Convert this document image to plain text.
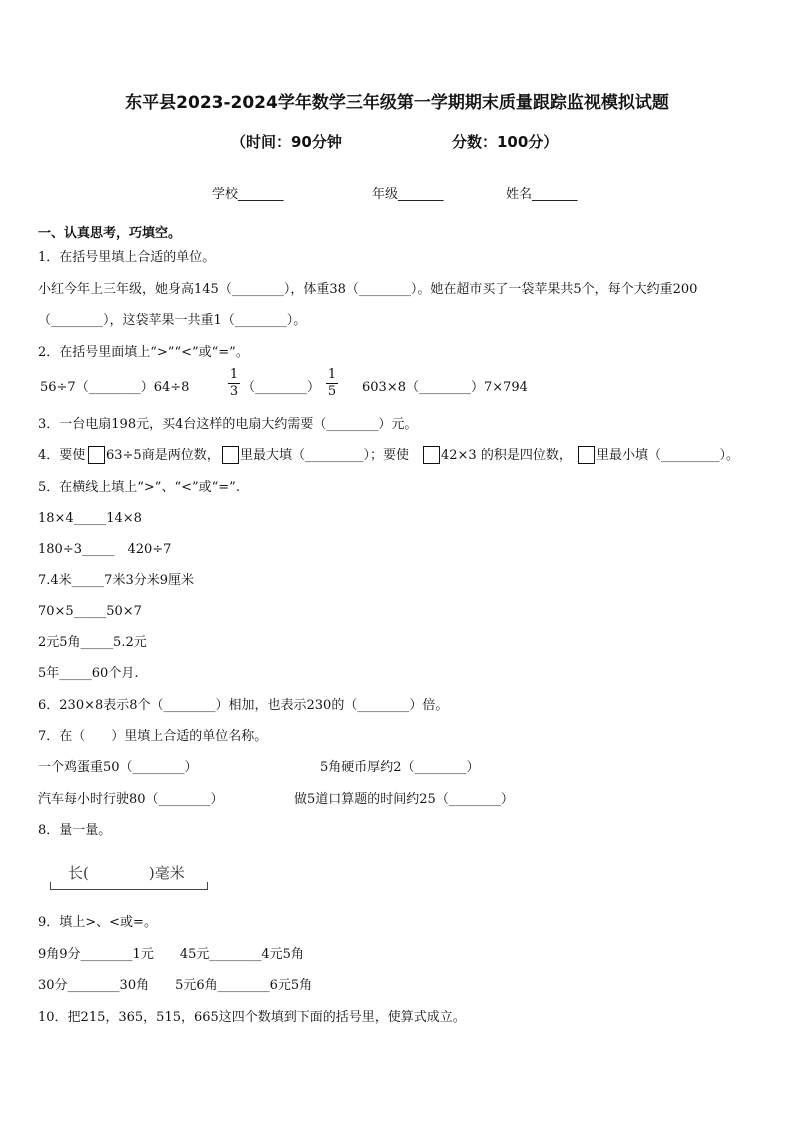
东平县2023-2024学年数学三年级第一学期期末质量跟踪监视模拟试题
（时间：90分钟	分数：100分）
学校_______	年级_______	姓名_______
一、认真思考，巧填空。
1．在括号里填上合适的单位。
小红今年上三年级，她身高145（________），体重38（________）。她在超市买了一袋苹果共5个，每个大约重200
（________），这袋苹果一共重1（________）。
2．在括号里面填上“>”“<”或“=”。
56÷7（________）64÷8
1
3 （________）
1
5 603×8（________）7×794
3．一台电扇198元，买4台这样的电扇大约需要（________）元。
4．要使 63÷5商是两位数， 里最大填（_________）；要使 42×3 的积是四位数， 里最小填（_________）。
5．在横线上填上“>”、“<”或“=”.
18×4_____14×8
180÷3_____　420÷7
7.4米_____7米3分米9厘米
70×5_____50×7
2元5角_____5.2元
5年_____60个月.
6．230×8表示8个（________）相加，也表示230的（________）倍。
7．在（　　）里填上合适的单位名称。
一个鸡蛋重50（________）	5角硬币厚约2（________）
汽车每小时行驶80（________）	做5道口算题的时间约25（________）
8．量一量。
长(　　　　)毫米
9．填上>、<或=。
9角9分________1元　　45元________4元5角
30分________30角　　5元6角________6元5角
10．把215，365，515，665这四个数填到下面的括号里，使算式成立。
